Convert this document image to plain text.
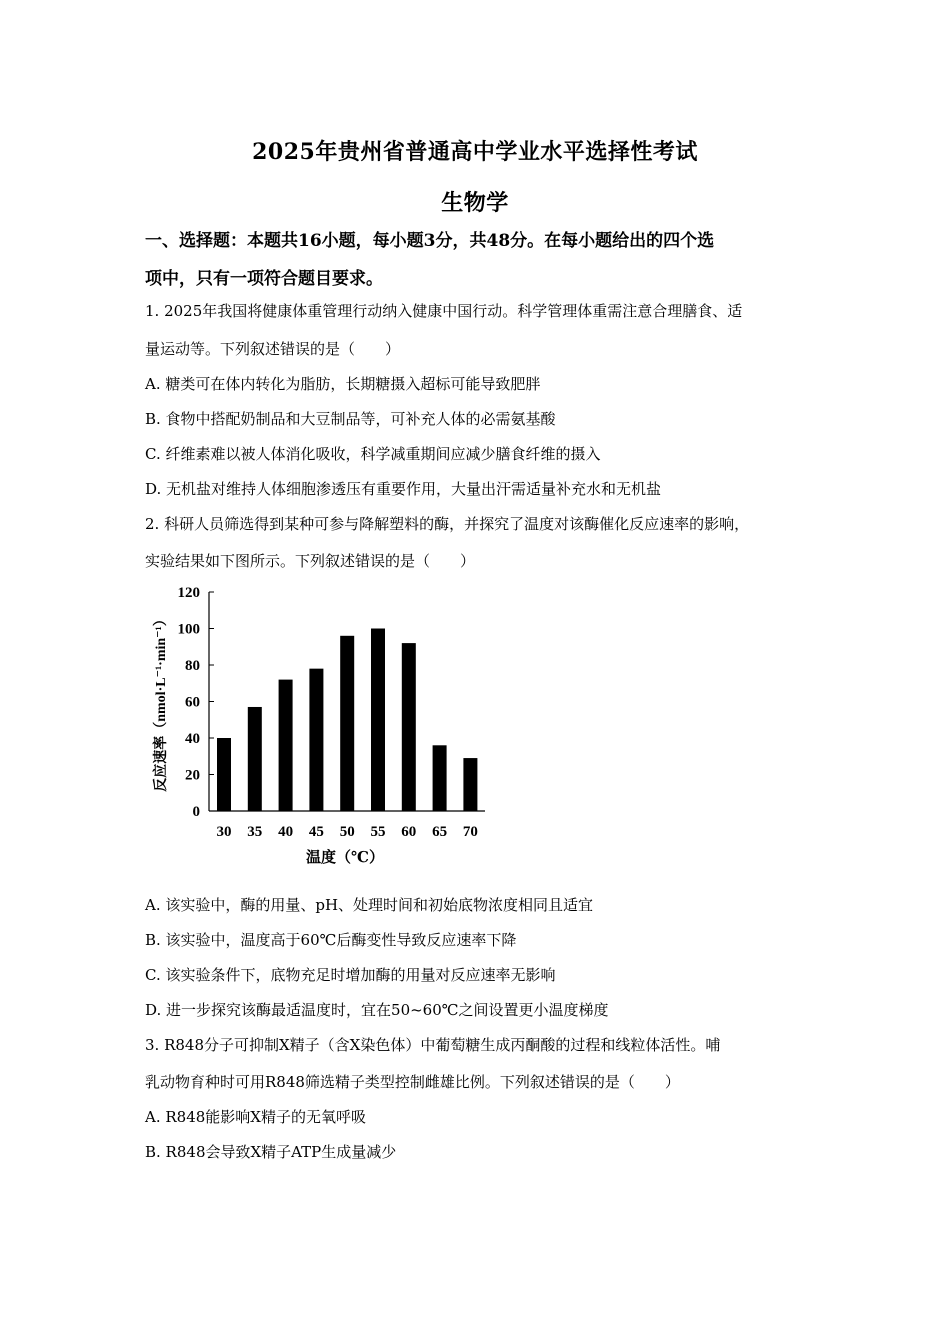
2025年贵州省普通高中学业水平选择性考试
生物学
一、选择题：本题共16小题，每小题3分，共48分。在每小题给出的四个选
项中，只有一项符合题目要求。
1. 2025年我国将健康体重管理行动纳入健康中国行动。科学管理体重需注意合理膳食、适
量运动等。下列叙述错误的是（　　）
A. 糖类可在体内转化为脂肪，长期糖摄入超标可能导致肥胖
B. 食物中搭配奶制品和大豆制品等，可补充人体的必需氨基酸
C. 纤维素难以被人体消化吸收，科学减重期间应减少膳食纤维的摄入
D. 无机盐对维持人体细胞渗透压有重要作用，大量出汗需适量补充水和无机盐
2. 科研人员筛选得到某种可参与降解塑料的酶，并探究了温度对该酶催化反应速率的影响，
实验结果如下图所示。下列叙述错误的是（　　）
0
20
40
60
80
100
120
30 35 40 45 50 55 60 65 70
温度（℃）
反应速率（nmol·L⁻¹·min⁻¹）
A. 该实验中，酶的用量、pH、处理时间和初始底物浓度相同且适宜
B. 该实验中，温度高于60℃后酶变性导致反应速率下降
C. 该实验条件下，底物充足时增加酶的用量对反应速率无影响
D. 进一步探究该酶最适温度时，宜在50~60℃之间设置更小温度梯度
3. R848分子可抑制X精子（含X染色体）中葡萄糖生成丙酮酸的过程和线粒体活性。哺
乳动物育种时可用R848筛选精子类型控制雌雄比例。下列叙述错误的是（　　）
A. R848能影响X精子的无氧呼吸
B. R848会导致X精子ATP生成量减少
